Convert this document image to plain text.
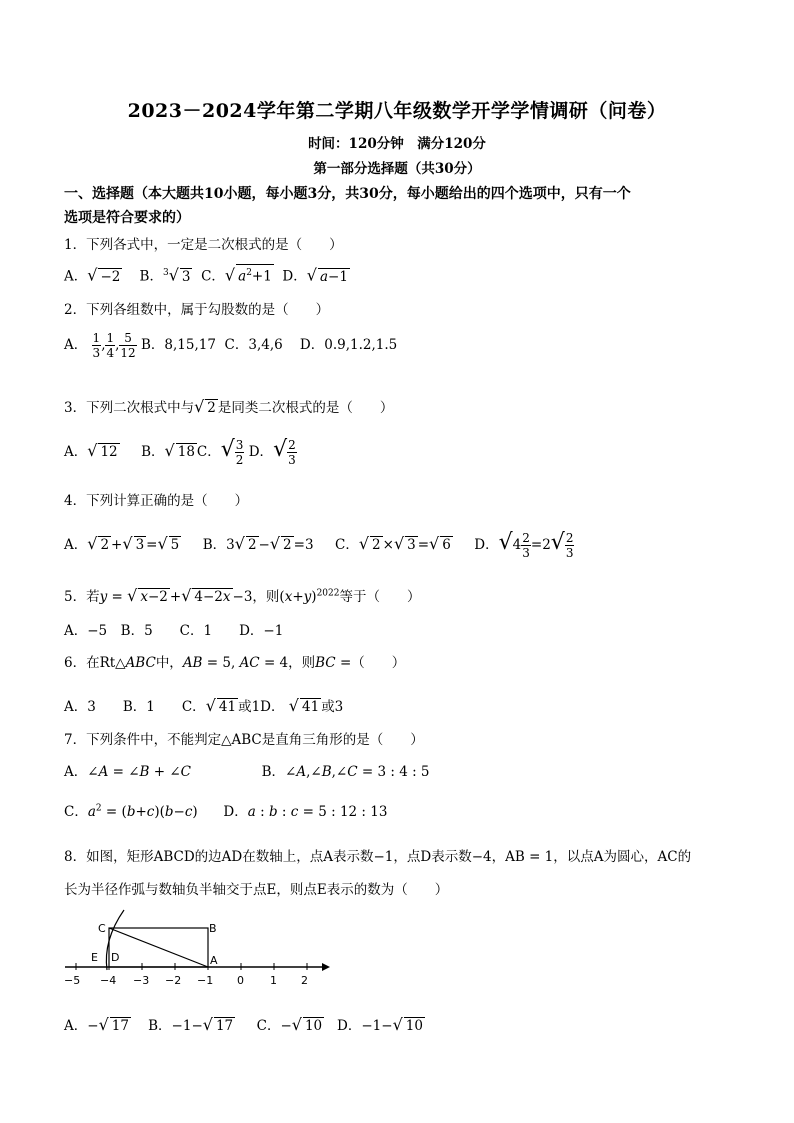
2023－2024学年第二学期八年级数学开学学情调研（问卷）
时间：120分钟　满分120分
第一部分选择题（共30分）
一、选择题（本大题共10小题，每小题3分，共30分，每小题给出的四个选项中，只有一个
选项是符合要求的）
1．下列各式中，一定是二次根式的是（　　）
A．√ −2 B．$^3$√ 3 C．√ $a^2+1$ D．√ a−1
2．下列各组数中，属于勾股数的是（　　）
A． $\frac{1}{3}$ , $\frac{1}{4}$ , $\frac{5}{12}$ B．8,15,17 C．3,4,6 D．0.9,1.2,1.5
3．下列二次根式中与√ 2 是同类二次根式的是（　　）
A．√ 12     B．√ 18 C．√ $\frac{3}{2}$ D．√ $\frac{2}{3}$
4．下列计算正确的是（　　）
A．√ 2 +√ 3 =√ 5     B．3√ 2 −√ 2 =3     C．√ 2 ×√ 3 =√ 6     D．$√4 \frac{2}{3} =2√ \frac{2}{3}$
5．若y = √ x−2 +√ 4−2x −3，则$(x+y)^{2022}$等于（　　）
A．−5　B．5　　C．1　　D．−1
6．在Rt△ABC中，AB = 5, AC = 4，则BC =（　　）
A．3　　B．1　　C．√ 41 或1D． √ 41 或3
7．下列条件中，不能判定△ABC是直角三角形的是（　　）
A．∠A = ∠B + ∠C	B．∠A,∠B,∠C = 3 : 4 : 5
C．$a^2 = (b+c)(b-c)$      D．a : b : c = 5 : 12 : 13
8．如图，矩形ABCD的边AD在数轴上，点A表示数−1，点D表示数−4，AB = 1，以点A为圆心，AC的
长为半径作弧与数轴负半轴交于点E，则点E表示的数为（　　）
C	B
E D	A
−5 −4 −3 −2 −1 0 1 2
A．−√ 17    B．−1−√ 17     C．−√ 10   D．−1−√ 10
